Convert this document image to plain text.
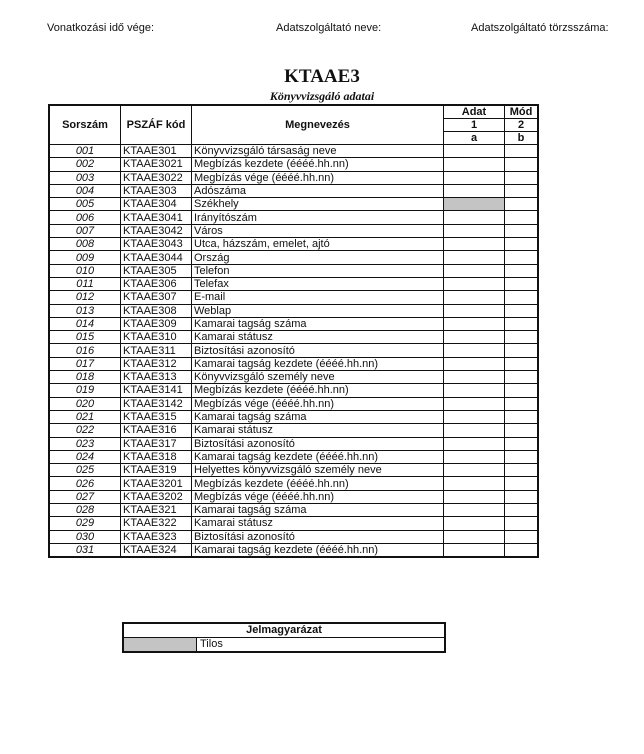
Vonatkozási idő vége:	Adatszolgáltató neve:	Adatszolgáltató törzsszáma:
KTAAE3
Könyvvizsgáló adatai
Sorszám	PSZÁF kód	Megnevezés	Adat	Mód
			1	2
			a	b
001	KTAAE301	Könyvvizsgáló társaság neve		
002	KTAAE3021	Megbízás kezdete (éééé.hh.nn)		
003	KTAAE3022	Megbízás vége (éééé.hh.nn)		
004	KTAAE303	Adószáma		
005	KTAAE304	Székhely		
006	KTAAE3041	Irányítószám		
007	KTAAE3042	Város		
008	KTAAE3043	Utca, házszám, emelet, ajtó		
009	KTAAE3044	Ország		
010	KTAAE305	Telefon		
011	KTAAE306	Telefax		
012	KTAAE307	E-mail		
013	KTAAE308	Weblap		
014	KTAAE309	Kamarai tagság száma		
015	KTAAE310	Kamarai státusz		
016	KTAAE311	Biztosítási azonosító		
017	KTAAE312	Kamarai tagság kezdete (éééé.hh.nn)		
018	KTAAE313	Könyvvizsgáló személy neve		
019	KTAAE3141	Megbízás kezdete (éééé.hh.nn)		
020	KTAAE3142	Megbízás vége (éééé.hh.nn)		
021	KTAAE315	Kamarai tagság száma		
022	KTAAE316	Kamarai státusz		
023	KTAAE317	Biztosítási azonosító		
024	KTAAE318	Kamarai tagság kezdete (éééé.hh.nn)		
025	KTAAE319	Helyettes könyvvizsgáló személy neve		
026	KTAAE3201	Megbízás kezdete (éééé.hh.nn)		
027	KTAAE3202	Megbízás vége (éééé.hh.nn)		
028	KTAAE321	Kamarai tagság száma		
029	KTAAE322	Kamarai státusz		
030	KTAAE323	Biztosítási azonosító		
031	KTAAE324	Kamarai tagság kezdete (éééé.hh.nn)		
Jelmagyarázat
	Tilos
